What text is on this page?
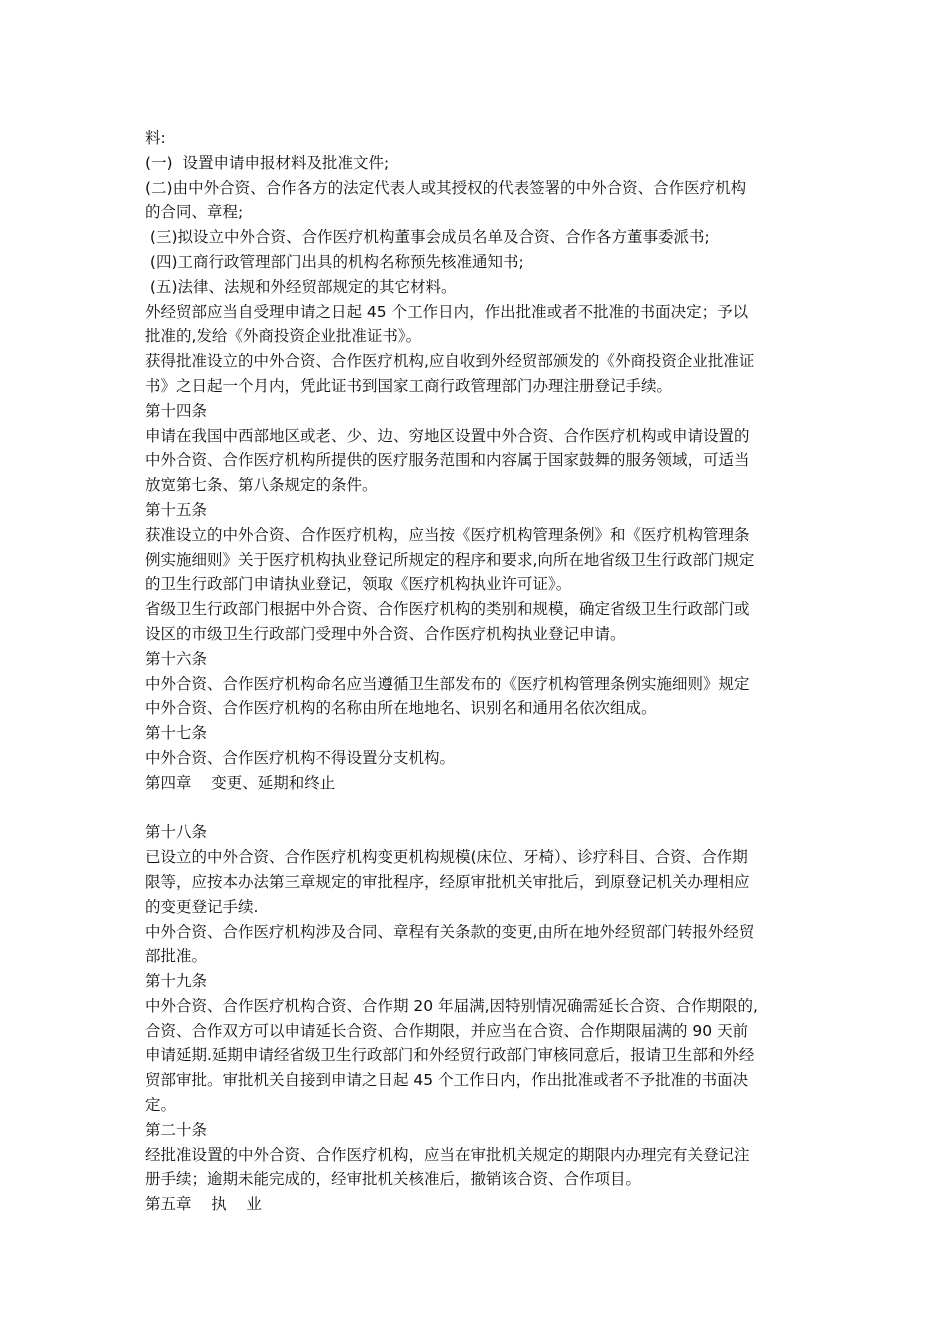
料:

(一)  设置申请申报材料及批准文件;

(二)由中外合资、合作各方的法定代表人或其授权的代表签署的中外合资、合作医疗机构

的合同、章程;

(三)拟设立中外合资、合作医疗机构董事会成员名单及合资、合作各方董事委派书;

(四)工商行政管理部门出具的机构名称预先核准通知书;

(五)法律、法规和外经贸部规定的其它材料。

外经贸部应当自受理申请之日起 45 个工作日内，作出批准或者不批准的书面决定；予以

批准的,发给《外商投资企业批准证书》。

获得批准设立的中外合资、合作医疗机构,应自收到外经贸部颁发的《外商投资企业批准证

书》之日起一个月内，凭此证书到国家工商行政管理部门办理注册登记手续。

第十四条

申请在我国中西部地区或老、少、边、穷地区设置中外合资、合作医疗机构或申请设置的

中外合资、合作医疗机构所提供的医疗服务范围和内容属于国家鼓舞的服务领域，可适当

放宽第七条、第八条规定的条件。

第十五条

获准设立的中外合资、合作医疗机构，应当按《医疗机构管理条例》和《医疗机构管理条

例实施细则》关于医疗机构执业登记所规定的程序和要求,向所在地省级卫生行政部门规定

的卫生行政部门申请执业登记，领取《医疗机构执业许可证》。

省级卫生行政部门根据中外合资、合作医疗机构的类别和规模，确定省级卫生行政部门或

设区的市级卫生行政部门受理中外合资、合作医疗机构执业登记申请。

第十六条

中外合资、合作医疗机构命名应当遵循卫生部发布的《医疗机构管理条例实施细则》规定

中外合资、合作医疗机构的名称由所在地地名、识别名和通用名依次组成。

第十七条

中外合资、合作医疗机构不得设置分支机构。

第四章    变更、延期和终止

第十八条

已设立的中外合资、合作医疗机构变更机构规模(床位、牙椅）、诊疗科目、合资、合作期

限等，应按本办法第三章规定的审批程序，经原审批机关审批后，到原登记机关办理相应

的变更登记手续.

中外合资、合作医疗机构涉及合同、章程有关条款的变更,由所在地外经贸部门转报外经贸

部批准。

第十九条

中外合资、合作医疗机构合资、合作期 20 年届满,因特别情况确需延长合资、合作期限的,

合资、合作双方可以申请延长合资、合作期限，并应当在合资、合作期限届满的 90 天前

申请延期.延期申请经省级卫生行政部门和外经贸行政部门审核同意后，报请卫生部和外经

贸部审批。审批机关自接到申请之日起 45 个工作日内，作出批准或者不予批准的书面决

定。

第二十条

经批准设置的中外合资、合作医疗机构，应当在审批机关规定的期限内办理完有关登记注

册手续；逾期未能完成的，经审批机关核准后，撤销该合资、合作项目。

第五章    执    业
